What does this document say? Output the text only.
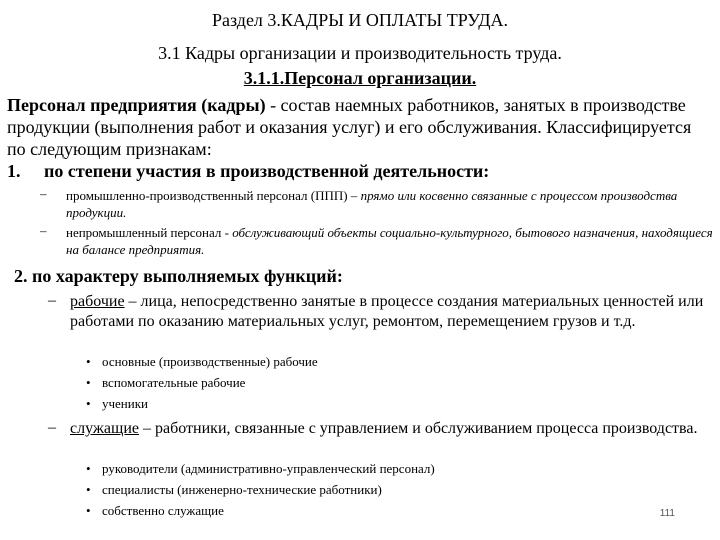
Раздел 3.КАДРЫ И ОПЛАТЫ ТРУДА.
3.1 Кадры организации и производительность труда.
3.1.1.Персонал организации.
Персонал предприятия (кадры) - состав наемных работников, занятых в производстве продукции (выполнения работ и оказания услуг) и его обслуживания. Классифицируется по следующим признакам:
1. по степени участия в производственной деятельности:
– промышленно-производственный персонал (ППП) – прямо или косвенно связанные с процессом производства продукции.
– непромышленный персонал - обслуживающий объекты социально-культурного, бытового назначения, находящиеся на балансе предприятия.
2. по характеру выполняемых функций:
– рабочие – лица, непосредственно занятые в процессе создания материальных ценностей или работами по оказанию материальных услуг, ремонтом, перемещением грузов и т.д.
• основные (производственные) рабочие
• вспомогательные рабочие
• ученики
– служащие – работники, связанные с управлением и обслуживанием процесса производства.
• руководители (административно-управленческий персонал)
• специалисты (инженерно-технические работники)
• собственно служащие	111
